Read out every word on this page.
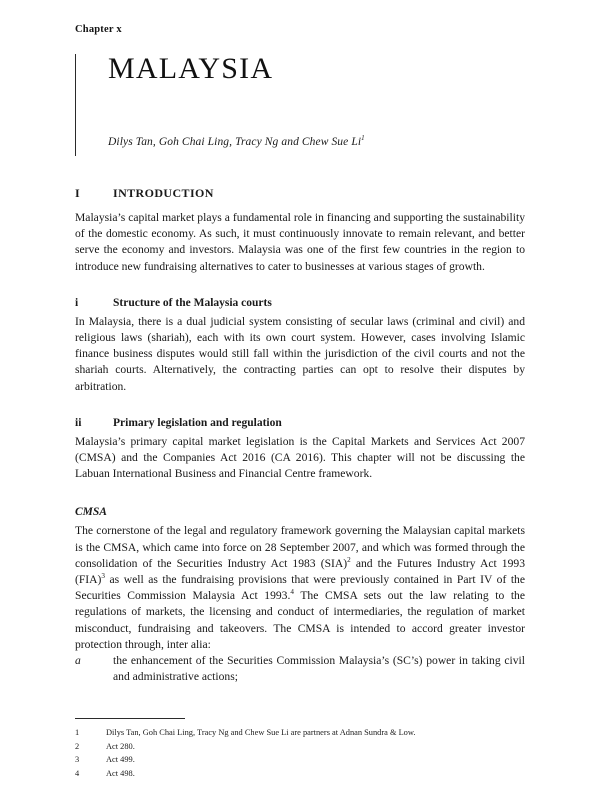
Chapter x
MALAYSIA
Dilys Tan, Goh Chai Ling, Tracy Ng and Chew Sue Li$^1$
I	INTRODUCTION

Malaysia’s capital market plays a fundamental role in financing and supporting the sustainability of the domestic economy. As such, it must continuously innovate to remain relevant, and better serve the economy and investors. Malaysia was one of the first few countries in the region to introduce new fundraising alternatives to cater to businesses at various stages of growth.

i	Structure of the Malaysia courts

In Malaysia, there is a dual judicial system consisting of secular laws (criminal and civil) and religious laws (shariah), each with its own court system. However, cases involving Islamic finance business disputes would still fall within the jurisdiction of the civil courts and not the shariah courts. Alternatively, the contracting parties can opt to resolve their disputes by arbitration.

ii	Primary legislation and regulation

Malaysia’s primary capital market legislation is the Capital Markets and Services Act 2007 (CMSA) and the Companies Act 2016 (CA 2016). This chapter will not be discussing the Labuan International Business and Financial Centre framework.

CMSA

The cornerstone of the legal and regulatory framework governing the Malaysian capital markets is the CMSA, which came into force on 28 September 2007, and which was formed through the consolidation of the Securities Industry Act 1983 (SIA)$^2$ and the Futures Industry Act 1993 (FIA)$^3$ as well as the fundraising provisions that were previously contained in Part IV of the Securities Commission Malaysia Act 1993.$^4$ The CMSA sets out the law relating to the regulations of markets, the licensing and conduct of intermediaries, the regulation of market misconduct, fundraising and takeovers. The CMSA is intended to accord greater investor protection through, inter alia:

a	the enhancement of the Securities Commission Malaysia’s (SC’s) power in taking civil and administrative actions;
1	Dilys Tan, Goh Chai Ling, Tracy Ng and Chew Sue Li are partners at Adnan Sundra & Low.
2	Act 280.
3	Act 499.
4	Act 498.
